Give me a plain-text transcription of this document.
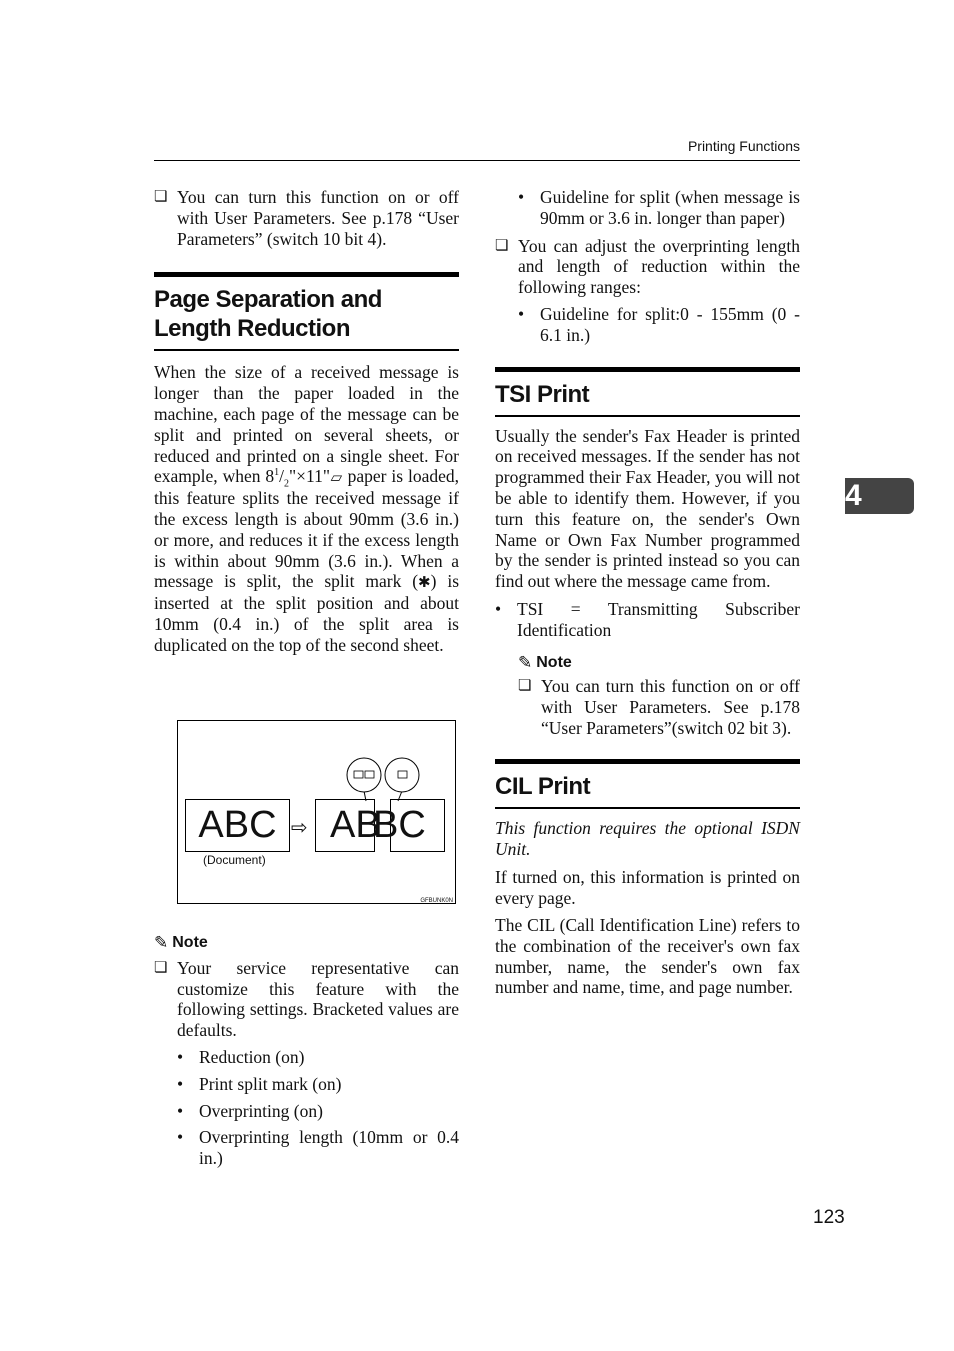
Printing Functions
4

❏ You can turn this function on or off with User Parameters. See p.178 “User Parameters” (switch 10 bit 4).

Page Separation and Length Reduction

When the size of a received message is longer than the paper loaded in the machine, each page of the message can be split and printed on several sheets, or reduced and printed on a single sheet. For example, when $8^1/_2"\times 11"▱$ paper is loaded, this feature splits the received message if the excess length is about 90mm (3.6 in.) or more, and reduces it if the excess length is within about 90mm (3.6 in.). When a message is split, the split mark (✱) is inserted at the split position and about 10mm (0.4 in.) of the split area is duplicated on the top of the second sheet.

ABC ⇨ AB
BC
(Document)
GFBUNK0N
✎ Note

❏ Your service representative can customize this feature with the following settings. Bracketed values are defaults.

• Reduction (on)

• Print split mark (on)

• Overprinting (on)

• Overprinting length (10mm or 0.4 in.)

• Guideline for split (when message is 90mm or 3.6 in. longer than paper)

❏ You can adjust the overprinting length and length of reduction within the following ranges:

• Guideline for split:0 - 155mm (0 - 6.1 in.)

TSI Print

Usually the sender's Fax Header is printed on received messages. If the sender has not programmed their Fax Header, you will not be able to identify them. However, if you turn this feature on, the sender's Own Name or Own Fax Number programmed by the sender is printed instead so you can find out where the message came from.

• TSI = Transmitting Subscriber Identification

✎ Note

❏ You can turn this function on or off with User Parameters. See p.178 “User Parameters”(switch 02 bit 3).

CIL Print

This function requires the optional ISDN Unit.

If turned on, this information is printed on every page.

The CIL (Call Identification Line) refers to the combination of the receiver's own fax number, name, the sender's own fax number and name, time, and page number.

123
